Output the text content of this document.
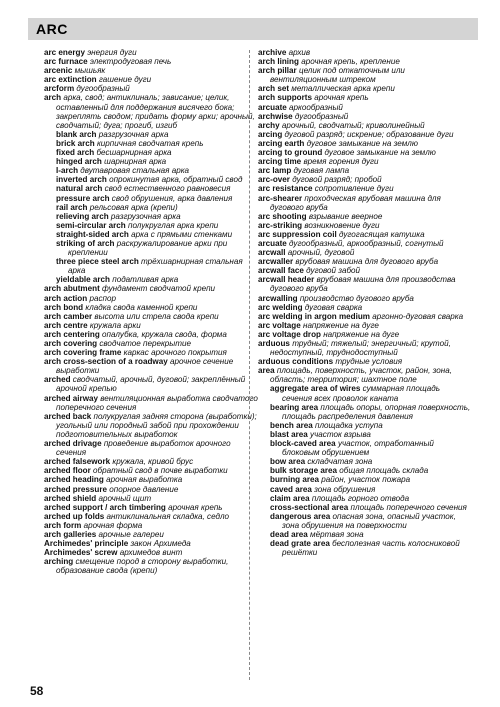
ARC

arc energy энергия дуги

arc furnace электродуговая печь

arcenic мышьяк

arc extinction гашение дуги

arcform дугообразный

arch арка, свод; антиклиналь; зависание; целик, оставленный для поддержания висячего бока; закреплять сводом; придать форму арки; арочный, сводчатый; дуга; прогиб, изгиб

blank arch разгрузочная арка

brick arch кирпичная сводчатая крепь

fixed arch бесшарнирная арка

hinged arch шарнирная арка

I-arch двутавровая стальная арка

inverted arch опрокинутая арка, обратный свод

natural arch свод естественного равновесия

pressure arch свод обрушения, арка давления

rail arch рельсовая арка (крепи)

relieving arch разгрузочная арка

semi-circular arch полукруглая арка крепи

straight-sided arch арка с прямыми стенками

striking of arch раскружалирование арки при креплении

three piece steel arch трёхшарнирная стальная арка

yieldable arch податливая арка

arch abutment фундамент сводчатой крепи

arch action распор

arch bond кладка свода каменной крепи

arch camber высота или стрела свода крепи

arch centre кружала арки

arch centering опалубка, кружала свода, форма

arch covering сводчатое перекрытие

arch covering frame каркас арочного покрытия

arch cross-section of a roadway арочное сечение выработки

arched сводчатый, арочный, дуговой; закреплённый арочной крепью

arched airway вентиляционная выработка сводчатого поперечного сечения

arched back полукруглая задняя сторона (выработки); угольный или породный забой при прохождении подготовительных выработок

arched drivage проведение выработок арочного сечения

arched falsework кружала, кривой брус

arched floor обратный свод в почве выработки

arched heading арочная выработка

arched pressure опорное давление

arched shield арочный щит

arched support / arch timbering арочная крепь

arched up folds антиклинальная складка, седло

arch form арочная форма

arch galleries арочные галереи

Archimedes' principle закон Архимеда

Archimedes' screw архимедов винт

arching смещение пород в сторону выработки, образование свода (крепи)

archive архив

arch lining арочная крепь, крепление

arch pillar целик под откаточным или вентиляционным штреком

arch set металлическая арка крепи

arch supports арочная крепь

arcuate аркообразный

archwise дугообразный

archy арочный, сводчатый; криволинейный

arcing дуговой разряд; искрение; образование дуги

arcing earth дуговое замыкание на землю

arcing to ground дуговое замыкание на землю

arcing time время горения дуги

arc lamp дуговая лампа

arc-over дуговой разряд; пробой

arc resistance сопротивление дуги

arc-shearer проходческая врубовая машина для дугового вруба

arc shooting взрывание веерное

arc-striking возникновение дуги

arc suppression coil дугогасящая катушка

arcuate дугообразный, аркообразный, согнутый

arcwall арочный, дуговой

arcwaller врубовая машина для дугового вруба

arcwall face дуговой забой

arcwall header врубовая машина для производства дугового вруба

arcwalling производство дугового вруба

arc welding дуговая сварка

arc welding in argon medium аргонно-дуговая сварка

arc voltage напряжение на дуге

arc voltage drop напряжение на дуге

arduous трудный; тяжелый; энергичный; крутой, недоступный, труднодоступный

arduous conditions трудные условия

area площадь, поверхность, участок, район, зона, область; территория; шахтное поле

aggregate area of wires суммарная площадь сечения всех проволок каната

bearing area площадь опоры, опорная поверхность, площадь распределения давления

bench area площадка уступа

blast area участок взрыва

block-caved area участок, отработанный блоковым обрушением

bow area складчатая зона

bulk storage area общая площадь склада

burning area район, участок пожара

caved area зона обрушения

claim area площадь горного отвода

cross-sectional area площадь поперечного сечения

dangerous area опасная зона, опасный участок, зона обрушения на поверхности

dead area мёртвая зона

dead grate area бесполезная часть колосниковой решётки

58
